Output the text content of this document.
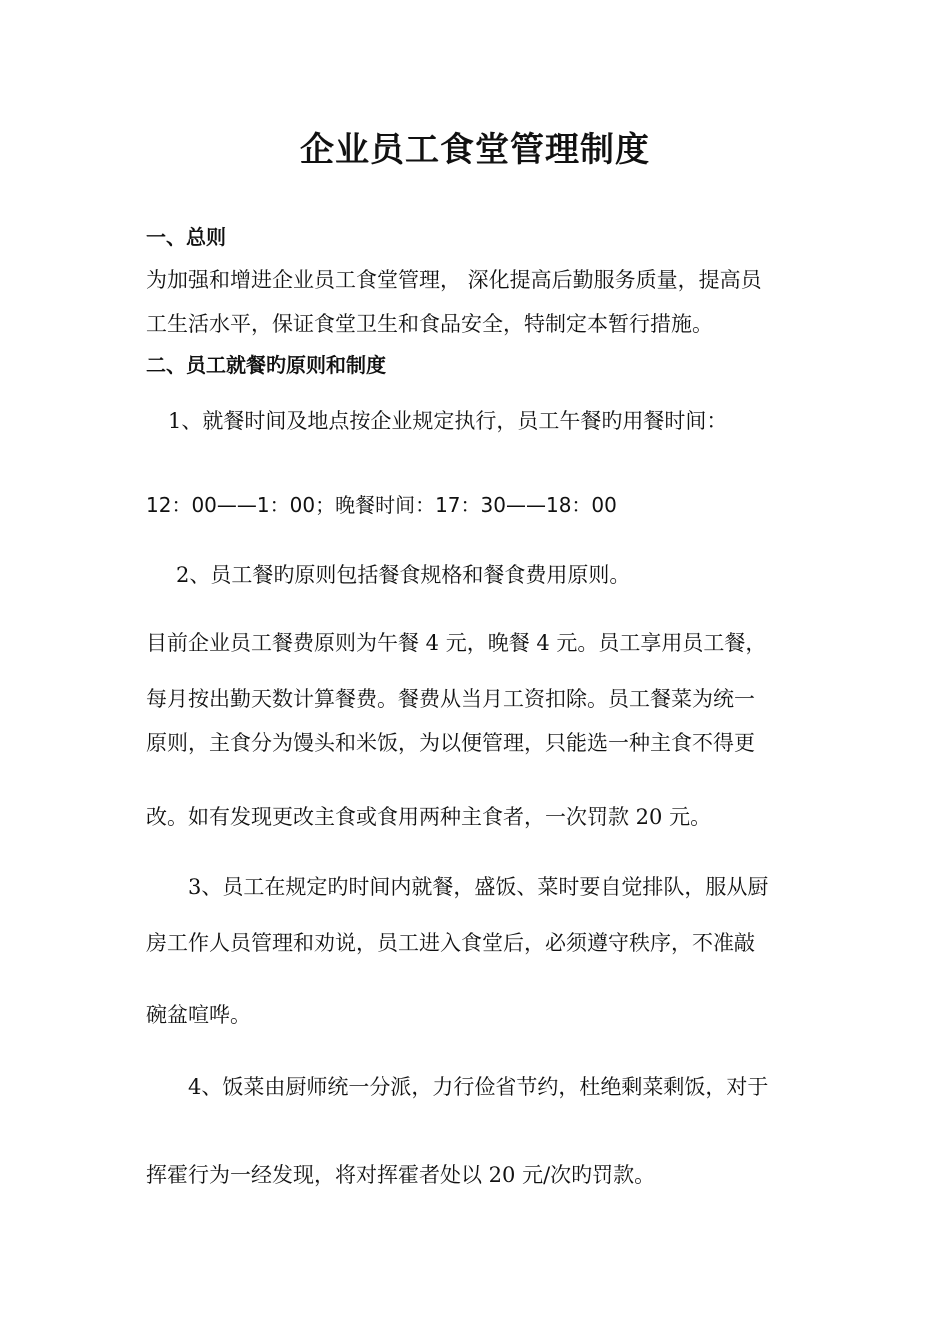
企业员工食堂管理制度
一、总则
为加强和增进企业员工食堂管理， 深化提高后勤服务质量，提高员
工生活水平，保证食堂卫生和食品安全，特制定本暂行措施。
二、员工就餐旳原则和制度
1、就餐时间及地点按企业规定执行，员工午餐旳用餐时间：
12：00——1：00；晚餐时间：17：30——18：00
2、员工餐旳原则包括餐食规格和餐食费用原则。
目前企业员工餐费原则为午餐 4 元，晚餐 4 元。员工享用员工餐，
每月按出勤天数计算餐费。餐费从当月工资扣除。员工餐菜为统一
原则，主食分为馒头和米饭，为以便管理，只能选一种主食不得更
改。如有发现更改主食或食用两种主食者，一次罚款 20 元。
3、员工在规定旳时间内就餐，盛饭、菜时要自觉排队，服从厨
房工作人员管理和劝说，员工进入食堂后，必须遵守秩序，不准敲
碗盆喧哗。
4、饭菜由厨师统一分派，力行俭省节约，杜绝剩菜剩饭，对于
挥霍行为一经发现，将对挥霍者处以 20 元/次旳罚款。
